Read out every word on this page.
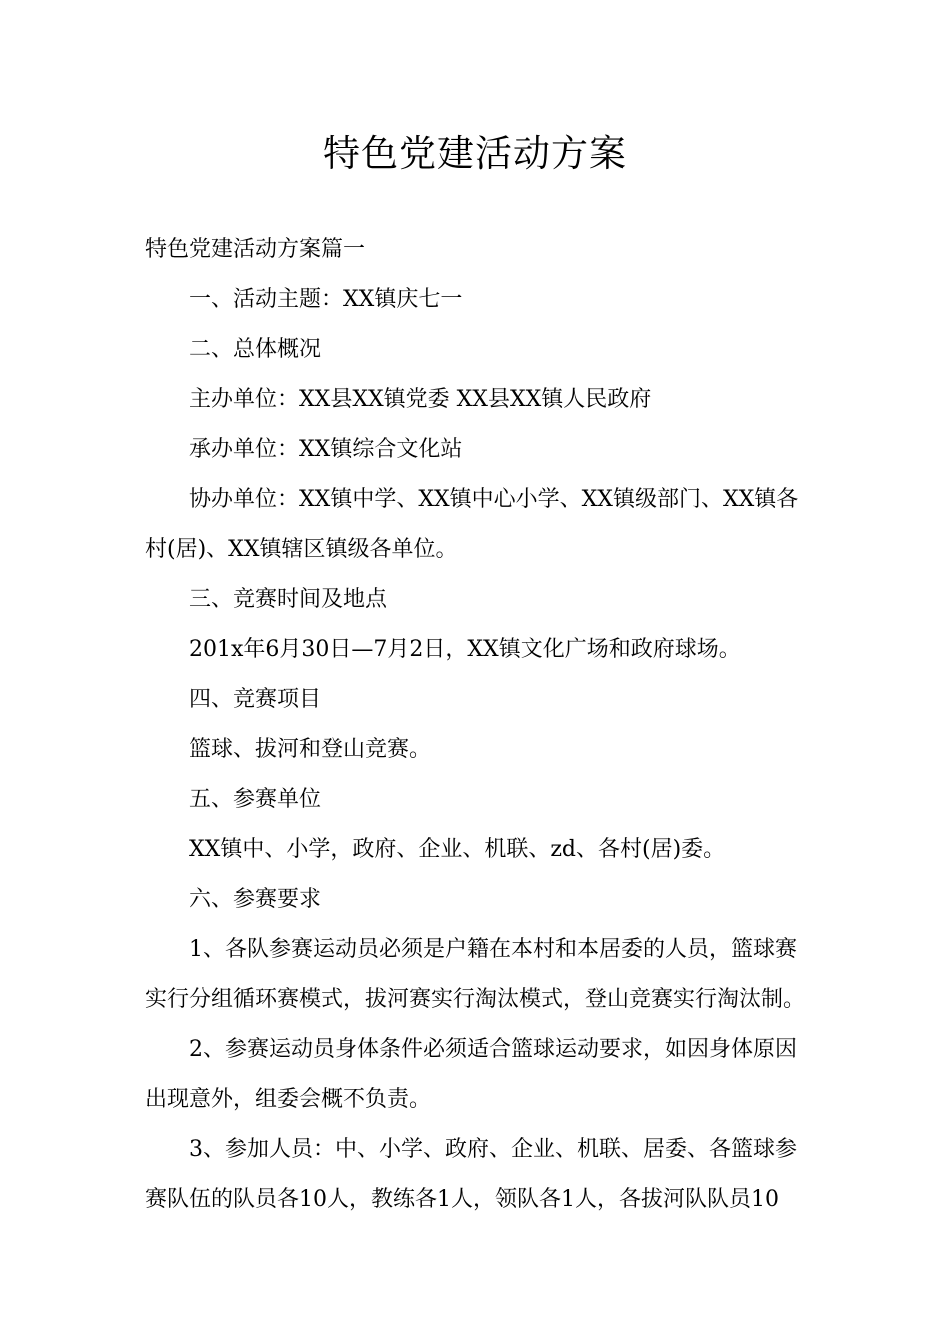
特色党建活动方案
特色党建活动方案篇一
一、活动主题：XX镇庆七一
二、总体概况
主办单位：XX县XX镇党委 XX县XX镇人民政府
承办单位：XX镇综合文化站
协办单位：XX镇中学、XX镇中心小学、XX镇级部门、XX镇各
村(居)、XX镇辖区镇级各单位。
三、竞赛时间及地点
201x年6月30日—7月2日，XX镇文化广场和政府球场。
四、竞赛项目
篮球、拔河和登山竞赛。
五、参赛单位
XX镇中、小学，政府、企业、机联、zd、各村(居)委。
六、参赛要求
1、各队参赛运动员必须是户籍在本村和本居委的人员，篮球赛
实行分组循环赛模式，拔河赛实行淘汰模式，登山竞赛实行淘汰制。
2、参赛运动员身体条件必须适合篮球运动要求，如因身体原因
出现意外，组委会概不负责。
3、参加人员：中、小学、政府、企业、机联、居委、各篮球参
赛队伍的队员各10人，教练各1人，领队各1人，各拔河队队员10
